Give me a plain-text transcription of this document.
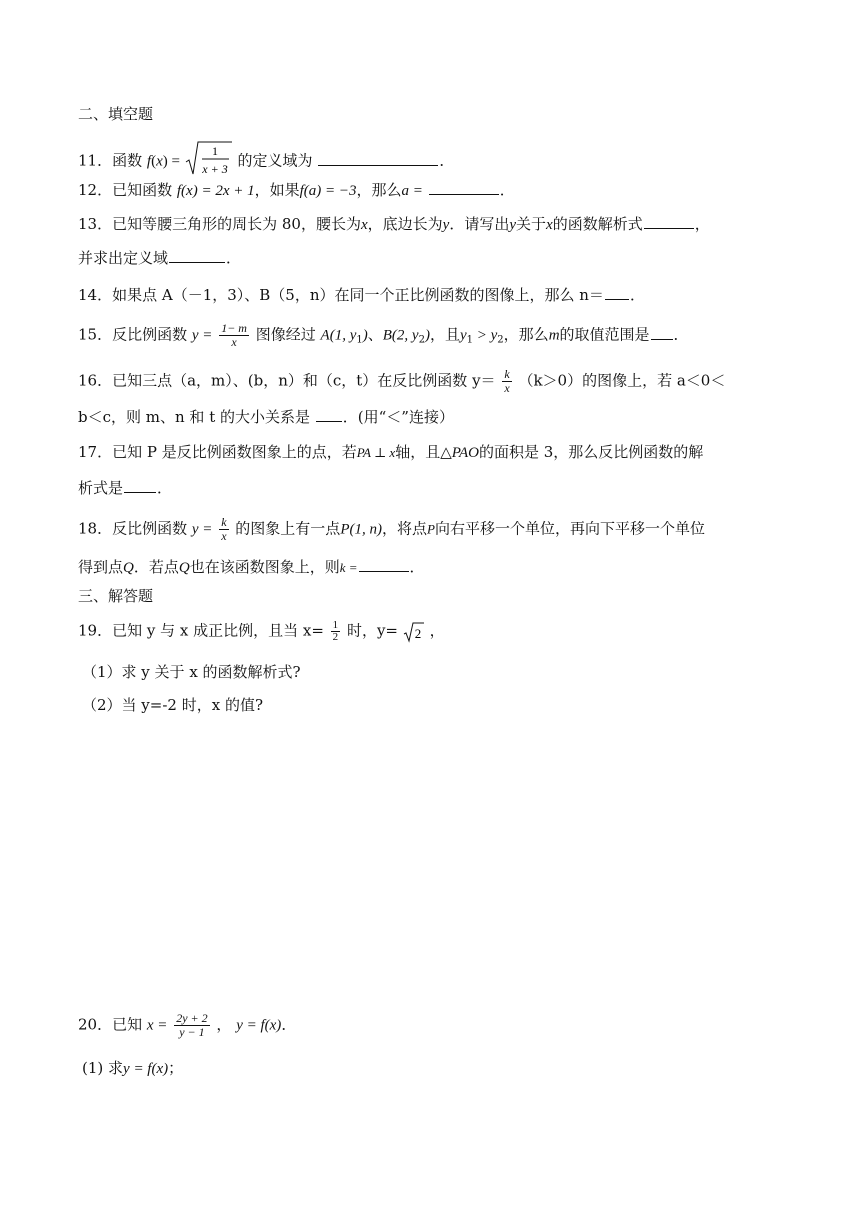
二、填空题
11．函数 f(x) =
1
x + 3 的定义域为	．
12．已知函数 f(x) = 2x + 1，如果f(a) = −3，那么a =	．
13．已知等腰三角形的周长为 80，腰长为x，底边长为y．请写出y关于x的函数解析式	，
并求出定义域	．
14．如果点 A（－1，3）、B（5，n）在同一个正比例函数的图像上，那么 n＝ ．
15．反比例函数 $y = \frac{1- m}{x}$ 图像经过 A(1, $y_1$)、B(2, $y_2$)，且$y_1 > y_2$，那么m的取值范围是 ．
16．已知三点（a，m）、(b，n）和（c，t）在反比例函数 $y= \frac{k}{x} (k>0)$的图像上，若 a＜0＜
b＜c，则 m、n 和 t 的大小关系是 ．(用“＜”连接）
17．已知 P 是反比例函数图象上的点，若PA ⊥ x轴，且△PAO的面积是 3，那么反比例函数的解
析式是 ．
18．反比例函数 $y = \frac{k}{x}$ 的图象上有一点P(1, n)，将点P向右平移一个单位，再向下平移一个单位
得到点Q．若点Q也在该函数图象上，则k =	．
三、解答题
19．已知 y 与 x 成正比例，且当 $x= \frac{1}{2}$ 时，y= 2 ，
（1）求 y 关于 x 的函数解析式?
（2）当 y=-2 时，x 的值?
20．已知 $x = \frac{2y + 2}{y - 1}$ ， y = f(x)．
(1) 求y = f(x)；
